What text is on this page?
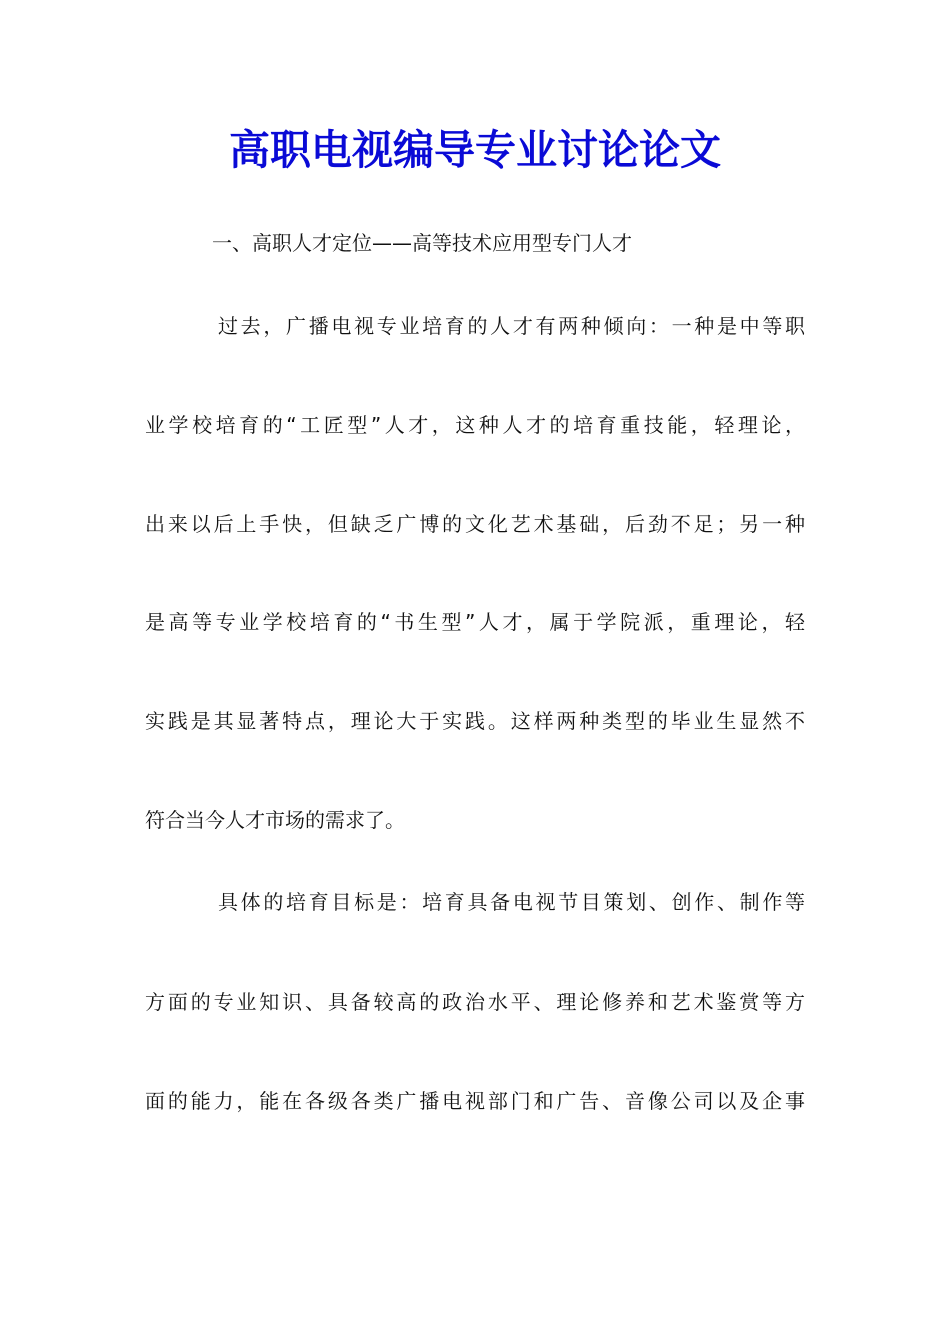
高职电视编导专业讨论论文

一、高职人才定位——高等技术应用型专门人才

过去，广播电视专业培育的人才有两种倾向：一种是中等职

业学校培育的“工匠型”人才，这种人才的培育重技能，轻理论，

出来以后上手快，但缺乏广博的文化艺术基础，后劲不足；另一种

是高等专业学校培育的“书生型”人才，属于学院派，重理论，轻

实践是其显著特点，理论大于实践。这样两种类型的毕业生显然不

符合当今人才市场的需求了。

具体的培育目标是：培育具备电视节目策划、创作、制作等

方面的专业知识、具备较高的政治水平、理论修养和艺术鉴赏等方

面的能力，能在各级各类广播电视部门和广告、音像公司以及企事
